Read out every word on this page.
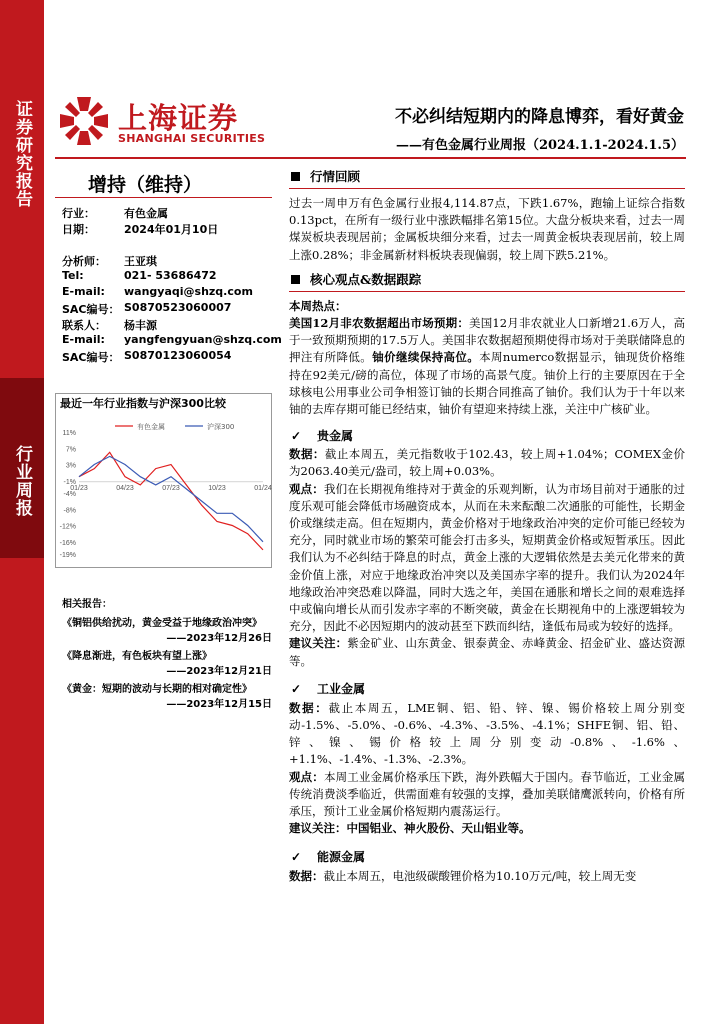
证券研究报告
行业周报
上海证券
SHANGHAI SECURITIES
不必纠结短期内的降息博弈，看好黄金
——有色金属行业周报（2024.1.1-2024.1.5）
增持（维持）
行业：	有色金属
日期：	2024年01月10日
分析师：	王亚琪
Tel:	021- 53686472
E-mail:	wangyaqi@shzq.com
SAC编号： S0870523060007
联系人：	杨丰源
E-mail:	yangfengyuan@shzq.com
SAC编号： S0870123060054
最近一年行业指数与沪深300比较
11%
7%
3%
-1%
-4%
-8%
-12%
-16%
-19%
01/23	04/23	07/23	10/23	01/24
有色金属	沪深300
相关报告：
《铜铝供给扰动，黄金受益于地缘政治冲突》
——2023年12月26日
《降息渐进，有色板块有望上涨》
——2023年12月21日
《黄金：短期的波动与长期的相对确定性》
——2023年12月15日
行情回顾

过去一周申万有色金属行业报4,114.87点，下跌1.67%，跑输上证综合指数0.13pct，在所有一级行业中涨跌幅排名第15位。大盘分板块来看，过去一周煤炭板块表现居前；金属板块细分来看，过去一周黄金板块表现居前，较上周上涨0.28%；非金属新材料板块表现偏弱，较上周下跌5.21%。

核心观点&数据跟踪

本周热点：

美国12月非农数据超出市场预期：美国12月非农就业人口新增21.6万人，高于一致预期预期的17.5万人。美国非农数据超预期使得市场对于美联储降息的押注有所降低。铀价继续保持高位。本周numerco数据显示，铀现货价格维持在92美元/磅的高位，体现了市场的高景气度。铀价上行的主要原因在于全球核电公用事业公司争相签订铀的长期合同推高了铀价。我们认为于十年以来铀的去库存期可能已经结束，铀价有望迎来持续上涨，关注中广核矿业。

✓	贵金属

数据：截止本周五，美元指数收于102.43，较上周+1.04%；COMEX金价为2063.40美元/盎司，较上周+0.03%。

观点：我们在长期视角维持对于黄金的乐观判断，认为市场目前对于通胀的过度乐观可能会降低市场融资成本，从而在未来酝酿二次通胀的可能性，长期金价或继续走高。但在短期内，黄金价格对于地缘政治冲突的定价可能已经较为充分，同时就业市场的繁荣可能会打击多头，短期黄金价格或短暂承压。因此我们认为不必纠结于降息的时点，黄金上涨的大逻辑依然是去美元化带来的黄金价值上涨，对应于地缘政治冲突以及美国赤字率的提升。我们认为2024年地缘政治冲突恐难以降温，同时大选之年，美国在通胀和增长之间的艰难选择中或偏向增长从而引发赤字率的不断突破，黄金在长期视角中的上涨逻辑较为充分，因此不必因短期内的波动甚至下跌而纠结，逢低布局或为较好的选择。

建议关注：紫金矿业、山东黄金、银泰黄金、赤峰黄金、招金矿业、盛达资源等。

✓	工业金属

数据：截止本周五，LME铜、铝、铅、锌、镍、锡价格较上周分别变动-1.5%、-5.0%、-0.6%、-4.3%、-3.5%、-4.1%；SHFE铜、铝、铅、锌、镍、锡价格较上周分别变动-0.8%、-1.6%、+1.1%、-1.4%、-1.3%、-2.3%。

观点：本周工业金属价格承压下跌，海外跌幅大于国内。春节临近，工业金属传统消费淡季临近，供需面难有较强的支撑，叠加美联储鹰派转向，价格有所承压，预计工业金属价格短期内震荡运行。

建议关注：中国铝业、神火股份、天山铝业等。

✓	能源金属

数据：截止本周五，电池级碳酸锂价格为10.10万元/吨，较上周无变
